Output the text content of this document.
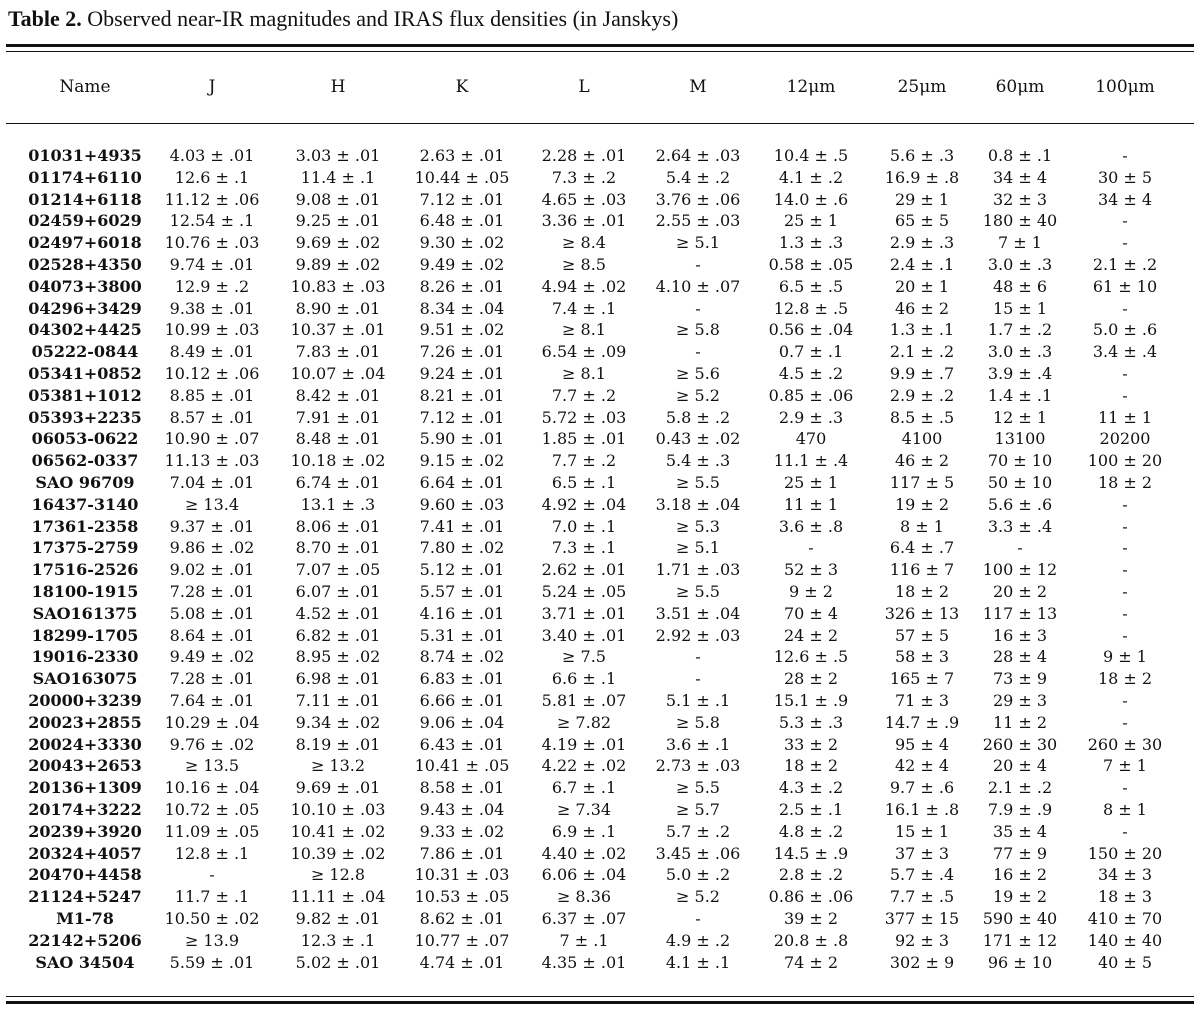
Table 2. Observed near-IR magnitudes and IRAS flux densities (in Janskys)
Name	J	H	K	L	M	12μm	25μm	60μm	100μm
01031+4935	4.03 ± .01	3.03 ± .01	2.63 ± .01	2.28 ± .01	2.64 ± .03	10.4 ± .5	5.6 ± .3	0.8 ± .1	-
01174+6110	12.6 ± .1	11.4 ± .1	10.44 ± .05	7.3 ± .2	5.4 ± .2	4.1 ± .2	16.9 ± .8	34 ± 4	30 ± 5
01214+6118	11.12 ± .06	9.08 ± .01	7.12 ± .01	4.65 ± .03	3.76 ± .06	14.0 ± .6	29 ± 1	32 ± 3	34 ± 4
02459+6029	12.54 ± .1	9.25 ± .01	6.48 ± .01	3.36 ± .01	2.55 ± .03	25 ± 1	65 ± 5	180 ± 40	-
02497+6018	10.76 ± .03	9.69 ± .02	9.30 ± .02	≥ 8.4	≥ 5.1	1.3 ± .3	2.9 ± .3	7 ± 1	-
02528+4350	9.74 ± .01	9.89 ± .02	9.49 ± .02	≥ 8.5	-	0.58 ± .05	2.4 ± .1	3.0 ± .3	2.1 ± .2
04073+3800	12.9 ± .2	10.83 ± .03	8.26 ± .01	4.94 ± .02	4.10 ± .07	6.5 ± .5	20 ± 1	48 ± 6	61 ± 10
04296+3429	9.38 ± .01	8.90 ± .01	8.34 ± .04	7.4 ± .1	-	12.8 ± .5	46 ± 2	15 ± 1	-
04302+4425	10.99 ± .03	10.37 ± .01	9.51 ± .02	≥ 8.1	≥ 5.8	0.56 ± .04	1.3 ± .1	1.7 ± .2	5.0 ± .6
05222-0844	8.49 ± .01	7.83 ± .01	7.26 ± .01	6.54 ± .09	-	0.7 ± .1	2.1 ± .2	3.0 ± .3	3.4 ± .4
05341+0852	10.12 ± .06	10.07 ± .04	9.24 ± .01	≥ 8.1	≥ 5.6	4.5 ± .2	9.9 ± .7	3.9 ± .4	-
05381+1012	8.85 ± .01	8.42 ± .01	8.21 ± .01	7.7 ± .2	≥ 5.2	0.85 ± .06	2.9 ± .2	1.4 ± .1	-
05393+2235	8.57 ± .01	7.91 ± .01	7.12 ± .01	5.72 ± .03	5.8 ± .2	2.9 ± .3	8.5 ± .5	12 ± 1	11 ± 1
06053-0622	10.90 ± .07	8.48 ± .01	5.90 ± .01	1.85 ± .01	0.43 ± .02	470	4100	13100	20200
06562-0337	11.13 ± .03	10.18 ± .02	9.15 ± .02	7.7 ± .2	5.4 ± .3	11.1 ± .4	46 ± 2	70 ± 10	100 ± 20
SAO 96709	7.04 ± .01	6.74 ± .01	6.64 ± .01	6.5 ± .1	≥ 5.5	25 ± 1	117 ± 5	50 ± 10	18 ± 2
16437-3140	≥ 13.4	13.1 ± .3	9.60 ± .03	4.92 ± .04	3.18 ± .04	11 ± 1	19 ± 2	5.6 ± .6	-
17361-2358	9.37 ± .01	8.06 ± .01	7.41 ± .01	7.0 ± .1	≥ 5.3	3.6 ± .8	8 ± 1	3.3 ± .4	-
17375-2759	9.86 ± .02	8.70 ± .01	7.80 ± .02	7.3 ± .1	≥ 5.1	-	6.4 ± .7	-	-
17516-2526	9.02 ± .01	7.07 ± .05	5.12 ± .01	2.62 ± .01	1.71 ± .03	52 ± 3	116 ± 7	100 ± 12	-
18100-1915	7.28 ± .01	6.07 ± .01	5.57 ± .01	5.24 ± .05	≥ 5.5	9 ± 2	18 ± 2	20 ± 2	-
SAO161375	5.08 ± .01	4.52 ± .01	4.16 ± .01	3.71 ± .01	3.51 ± .04	70 ± 4	326 ± 13	117 ± 13	-
18299-1705	8.64 ± .01	6.82 ± .01	5.31 ± .01	3.40 ± .01	2.92 ± .03	24 ± 2	57 ± 5	16 ± 3	-
19016-2330	9.49 ± .02	8.95 ± .02	8.74 ± .02	≥ 7.5	-	12.6 ± .5	58 ± 3	28 ± 4	9 ± 1
SAO163075	7.28 ± .01	6.98 ± .01	6.83 ± .01	6.6 ± .1	-	28 ± 2	165 ± 7	73 ± 9	18 ± 2
20000+3239	7.64 ± .01	7.11 ± .01	6.66 ± .01	5.81 ± .07	5.1 ± .1	15.1 ± .9	71 ± 3	29 ± 3	-
20023+2855	10.29 ± .04	9.34 ± .02	9.06 ± .04	≥ 7.82	≥ 5.8	5.3 ± .3	14.7 ± .9	11 ± 2	-
20024+3330	9.76 ± .02	8.19 ± .01	6.43 ± .01	4.19 ± .01	3.6 ± .1	33 ± 2	95 ± 4	260 ± 30	260 ± 30
20043+2653	≥ 13.5	≥ 13.2	10.41 ± .05	4.22 ± .02	2.73 ± .03	18 ± 2	42 ± 4	20 ± 4	7 ± 1
20136+1309	10.16 ± .04	9.69 ± .01	8.58 ± .01	6.7 ± .1	≥ 5.5	4.3 ± .2	9.7 ± .6	2.1 ± .2	-
20174+3222	10.72 ± .05	10.10 ± .03	9.43 ± .04	≥ 7.34	≥ 5.7	2.5 ± .1	16.1 ± .8	7.9 ± .9	8 ± 1
20239+3920	11.09 ± .05	10.41 ± .02	9.33 ± .02	6.9 ± .1	5.7 ± .2	4.8 ± .2	15 ± 1	35 ± 4	-
20324+4057	12.8 ± .1	10.39 ± .02	7.86 ± .01	4.40 ± .02	3.45 ± .06	14.5 ± .9	37 ± 3	77 ± 9	150 ± 20
20470+4458	-	≥ 12.8	10.31 ± .03	6.06 ± .04	5.0 ± .2	2.8 ± .2	5.7 ± .4	16 ± 2	34 ± 3
21124+5247	11.7 ± .1	11.11 ± .04	10.53 ± .05	≥ 8.36	≥ 5.2	0.86 ± .06	7.7 ± .5	19 ± 2	18 ± 3
M1-78	10.50 ± .02	9.82 ± .01	8.62 ± .01	6.37 ± .07	-	39 ± 2	377 ± 15	590 ± 40	410 ± 70
22142+5206	≥ 13.9	12.3 ± .1	10.77 ± .07	7 ± .1	4.9 ± .2	20.8 ± .8	92 ± 3	171 ± 12	140 ± 40
SAO 34504	5.59 ± .01	5.02 ± .01	4.74 ± .01	4.35 ± .01	4.1 ± .1	74 ± 2	302 ± 9	96 ± 10	40 ± 5
